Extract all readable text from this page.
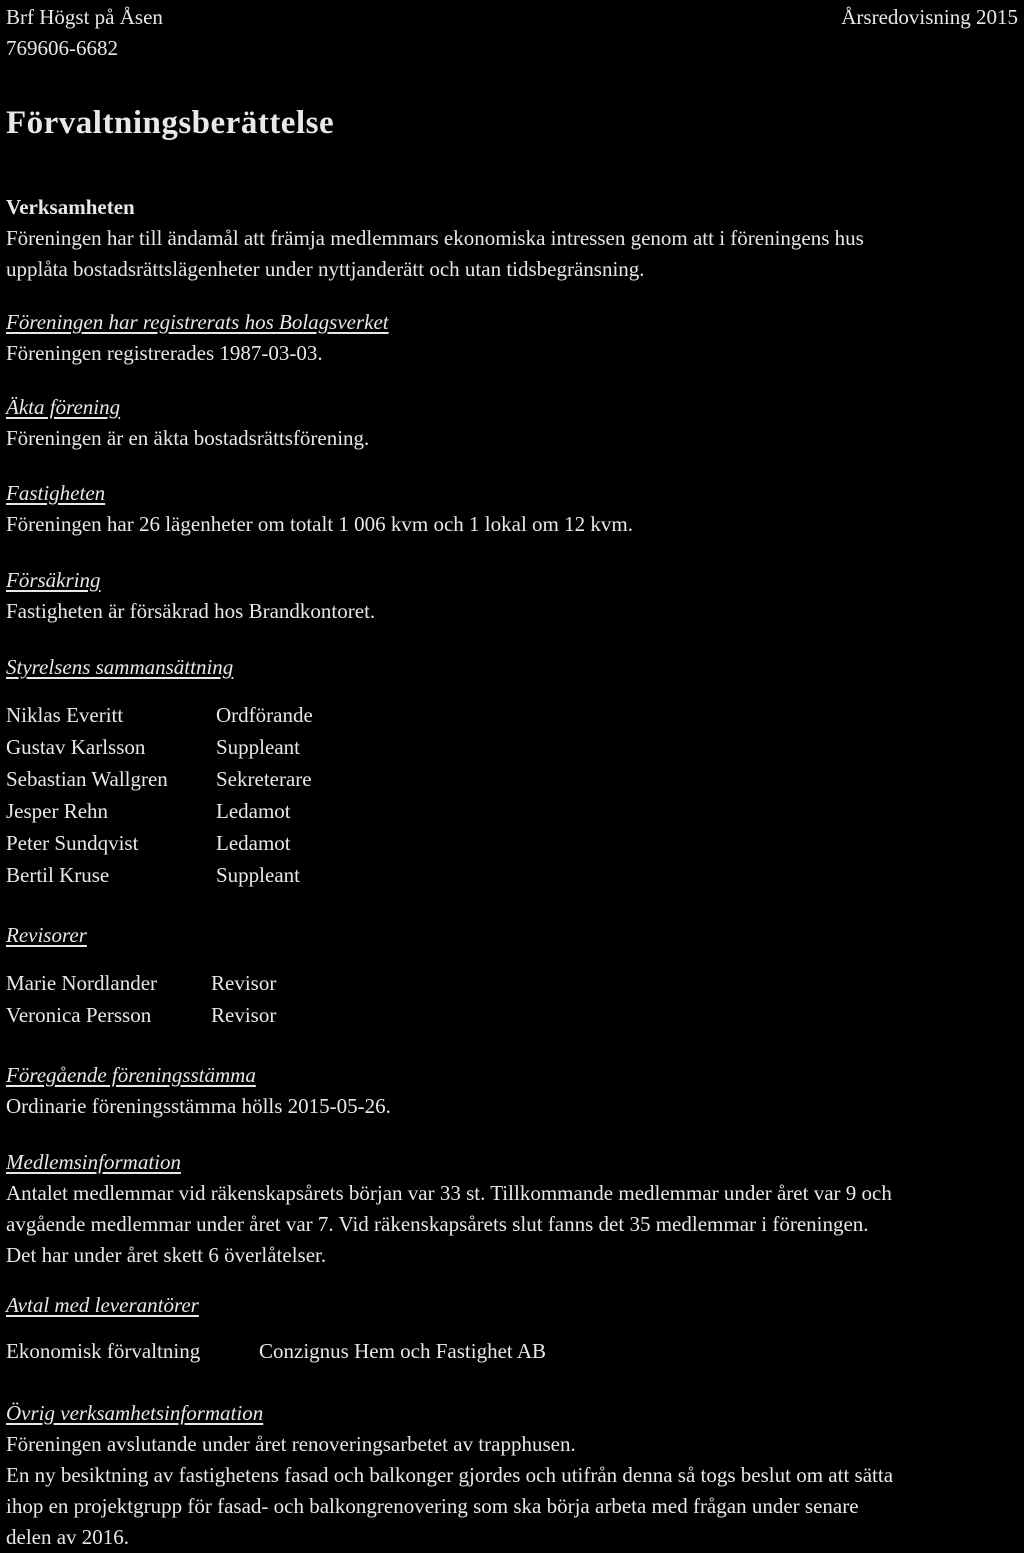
Brf Högst på Åsen
769606-6682
Årsredovisning 2015
Förvaltningsberättelse

Verksamheten

Föreningen har till ändamål att främja medlemmars ekonomiska intressen genom att i föreningens hus

upplåta bostadsrättslägenheter under nyttjanderätt och utan tidsbegränsning.

Föreningen har registrerats hos Bolagsverket

Föreningen registrerades 1987-03-03.

Äkta förening

Föreningen är en äkta bostadsrättsförening.

Fastigheten

Föreningen har 26 lägenheter om totalt 1 006 kvm och 1 lokal om 12 kvm.

Försäkring

Fastigheten är försäkrad hos Brandkontoret.

Styrelsens sammansättning

Niklas Everitt	Ordförande
Gustav Karlsson	Suppleant
Sebastian Wallgren	Sekreterare
Jesper Rehn	Ledamot
Peter Sundqvist	Ledamot
Bertil Kruse	Suppleant

Revisorer

Marie Nordlander	Revisor
Veronica Persson	Revisor

Föregående föreningsstämma

Ordinarie föreningsstämma hölls 2015-05-26.

Medlemsinformation

Antalet medlemmar vid räkenskapsårets början var 33 st. Tillkommande medlemmar under året var 9 och

avgående medlemmar under året var 7. Vid räkenskapsårets slut fanns det 35 medlemmar i föreningen.

Det har under året skett 6 överlåtelser.

Avtal med leverantörer

Ekonomisk förvaltning	Conzignus Hem och Fastighet AB

Övrig verksamhetsinformation

Föreningen avslutande under året renoveringsarbetet av trapphusen.

En ny besiktning av fastighetens fasad och balkonger gjordes och utifrån denna så togs beslut om att sätta

ihop en projektgrupp för fasad- och balkongrenovering som ska börja arbeta med frågan under senare

delen av 2016.
